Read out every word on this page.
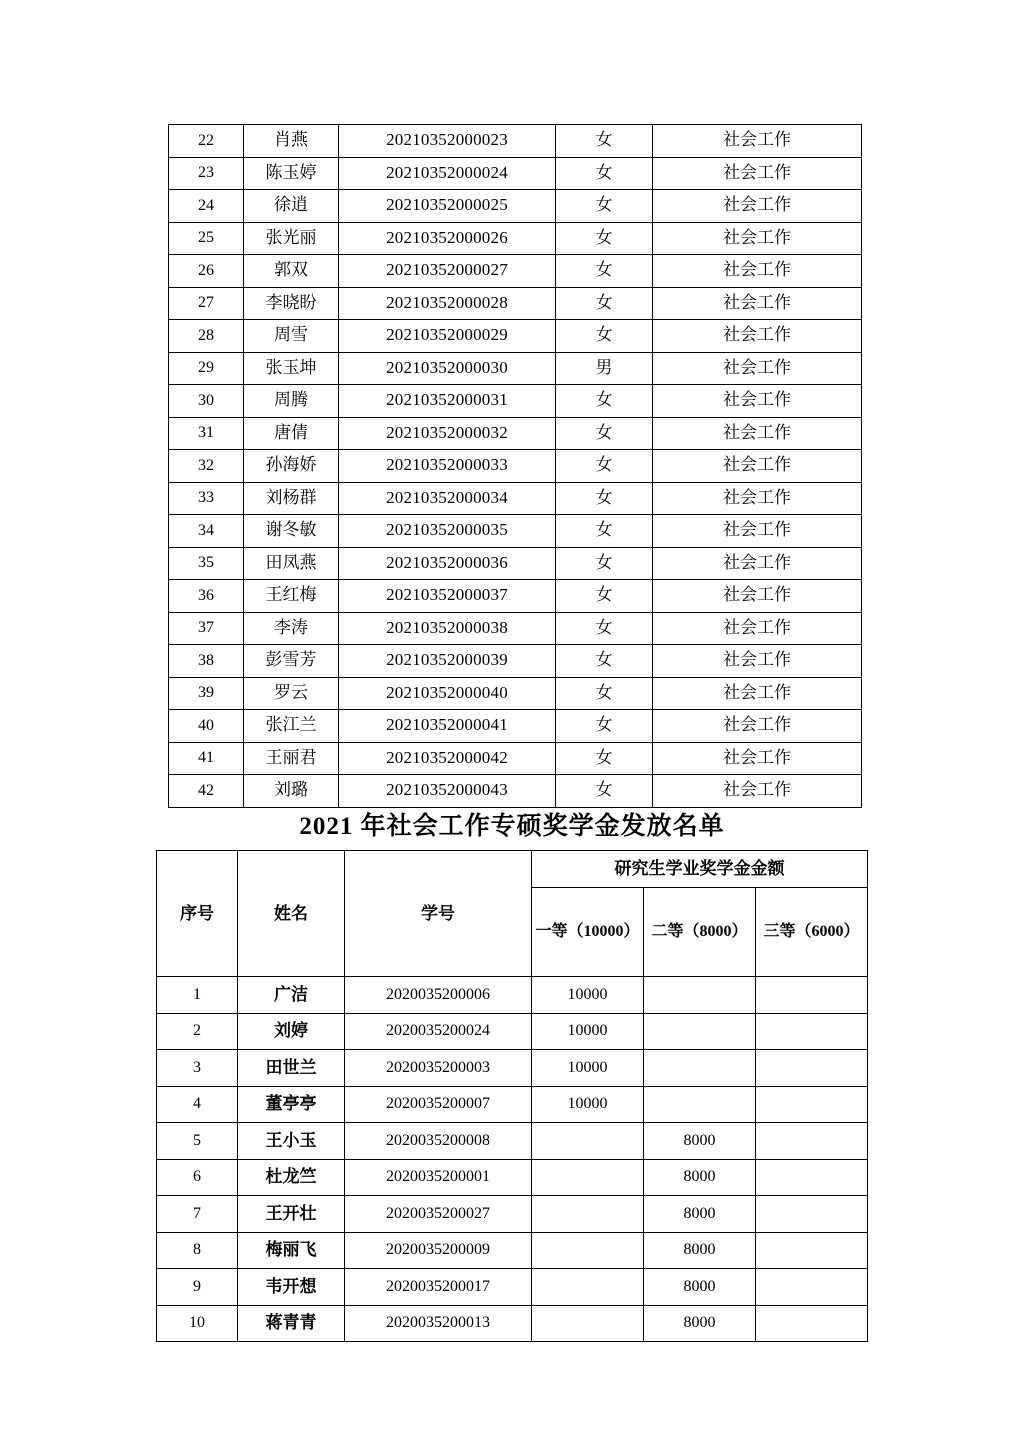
22	肖燕	20210352000023	女	社会工作
23	陈玉婷	20210352000024	女	社会工作
24	徐逍	20210352000025	女	社会工作
25	张光丽	20210352000026	女	社会工作
26	郭双	20210352000027	女	社会工作
27	李晓盼	20210352000028	女	社会工作
28	周雪	20210352000029	女	社会工作
29	张玉坤	20210352000030	男	社会工作
30	周腾	20210352000031	女	社会工作
31	唐倩	20210352000032	女	社会工作
32	孙海娇	20210352000033	女	社会工作
33	刘杨群	20210352000034	女	社会工作
34	谢冬敏	20210352000035	女	社会工作
35	田凤燕	20210352000036	女	社会工作
36	王红梅	20210352000037	女	社会工作
37	李涛	20210352000038	女	社会工作
38	彭雪芳	20210352000039	女	社会工作
39	罗云	20210352000040	女	社会工作
40	张江兰	20210352000041	女	社会工作
41	王丽君	20210352000042	女	社会工作
42	刘璐	20210352000043	女	社会工作
2021 年社会工作专硕奖学金发放名单
序号	姓名	学号	研究生学业奖学金金额		
			一等（10000）	二等（8000）	三等（6000）
1	广洁	2020035200006	10000		
2	刘婷	2020035200024	10000		
3	田世兰	2020035200003	10000		
4	董亭亭	2020035200007	10000		
5	王小玉	2020035200008		8000	
6	杜龙竺	2020035200001		8000	
7	王开壮	2020035200027		8000	
8	梅丽飞	2020035200009		8000	
9	韦开想	2020035200017		8000	
10	蒋青青	2020035200013		8000	
